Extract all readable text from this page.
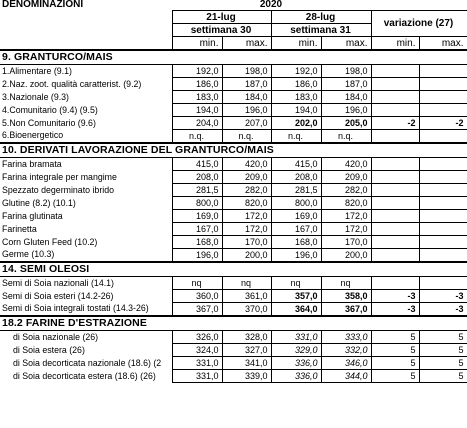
DENOMINAZIONI	2020					
	21-lug		28-lug		variazione (27)	
	settimana 30		settimana 31			
	min.	max.	min.	max.	min.	max.
9. GRANTURCO/MAIS						
1.Alimentare (9.1)	192,0	198,0	192,0	198,0		
2.Naz. zoot. qualità caratterist. (9.2)	186,0	187,0	186,0	187,0		
3.Nazionale (9.3)	183,0	184,0	183,0	184,0		
4.Comunitario (9.4) (9.5)	194,0	196,0	194,0	196,0		
5.Non Comunitario (9.6)	204,0	207,0	202,0	205,0	-2	-2
6.Bioenergetico	n.q.	n.q.	n.q.	n.q.		
10. DERIVATI LAVORAZIONE DEL GRANTURCO/MAIS						
Farina bramata	415,0	420,0	415,0	420,0		
Farina integrale per mangime	208,0	209,0	208,0	209,0		
Spezzato degerminato ibrido	281,5	282,0	281,5	282,0		
Glutine (8.2) (10.1)	800,0	820,0	800,0	820,0		
Farina glutinata	169,0	172,0	169,0	172,0		
Farinetta	167,0	172,0	167,0	172,0		
Corn Gluten Feed (10.2)	168,0	170,0	168,0	170,0		
Germe (10.3)	196,0	200,0	196,0	200,0		
14. SEMI OLEOSI						
Semi di Soia nazionali (14.1)	nq	nq	nq	nq		
Semi di Soia esteri (14.2-26)	360,0	361,0	357,0	358,0	-3	-3
Semi di Soia integrali tostati (14.3-26)	367,0	370,0	364,0	367,0	-3	-3
18.2 FARINE D'ESTRAZIONE						
di Soia nazionale (26)	326,0	328,0	331,0	333,0	5	5
di Soia estera (26)	324,0	327,0	329,0	332,0	5	5
di Soia decorticata nazionale (18.6) (2	331,0	341,0	336,0	346,0	5	5
di Soia decorticata estera (18.6) (26)	331,0	339,0	336,0	344,0	5	5
